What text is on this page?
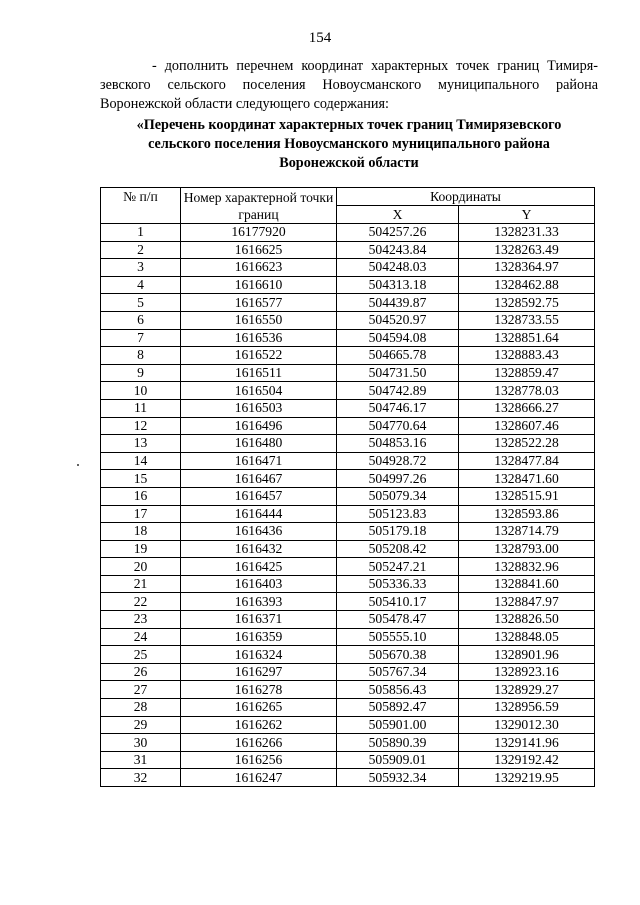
154

- дополнить перечнем координат характерных точек границ Тимиря-

зевского сельского поселения Новоусманского муниципального района

Воронежской области следующего содержания:

«Перечень координат характерных точек границ Тимирязевского
сельского поселения Новоусманского муниципального района
Воронежской области
№ п/п	Номер характерной точки границ	Координаты	
		X	Y
1	16177920	504257.26	1328231.33
2	1616625	504243.84	1328263.49
3	1616623	504248.03	1328364.97
4	1616610	504313.18	1328462.88
5	1616577	504439.87	1328592.75
6	1616550	504520.97	1328733.55
7	1616536	504594.08	1328851.64
8	1616522	504665.78	1328883.43
9	1616511	504731.50	1328859.47
10	1616504	504742.89	1328778.03
11	1616503	504746.17	1328666.27
12	1616496	504770.64	1328607.46
13	1616480	504853.16	1328522.28
14	1616471	504928.72	1328477.84
15	1616467	504997.26	1328471.60
16	1616457	505079.34	1328515.91
17	1616444	505123.83	1328593.86
18	1616436	505179.18	1328714.79
19	1616432	505208.42	1328793.00
20	1616425	505247.21	1328832.96
21	1616403	505336.33	1328841.60
22	1616393	505410.17	1328847.97
23	1616371	505478.47	1328826.50
24	1616359	505555.10	1328848.05
25	1616324	505670.38	1328901.96
26	1616297	505767.34	1328923.16
27	1616278	505856.43	1328929.27
28	1616265	505892.47	1328956.59
29	1616262	505901.00	1329012.30
30	1616266	505890.39	1329141.96
31	1616256	505909.01	1329192.42
32	1616247	505932.34	1329219.95
